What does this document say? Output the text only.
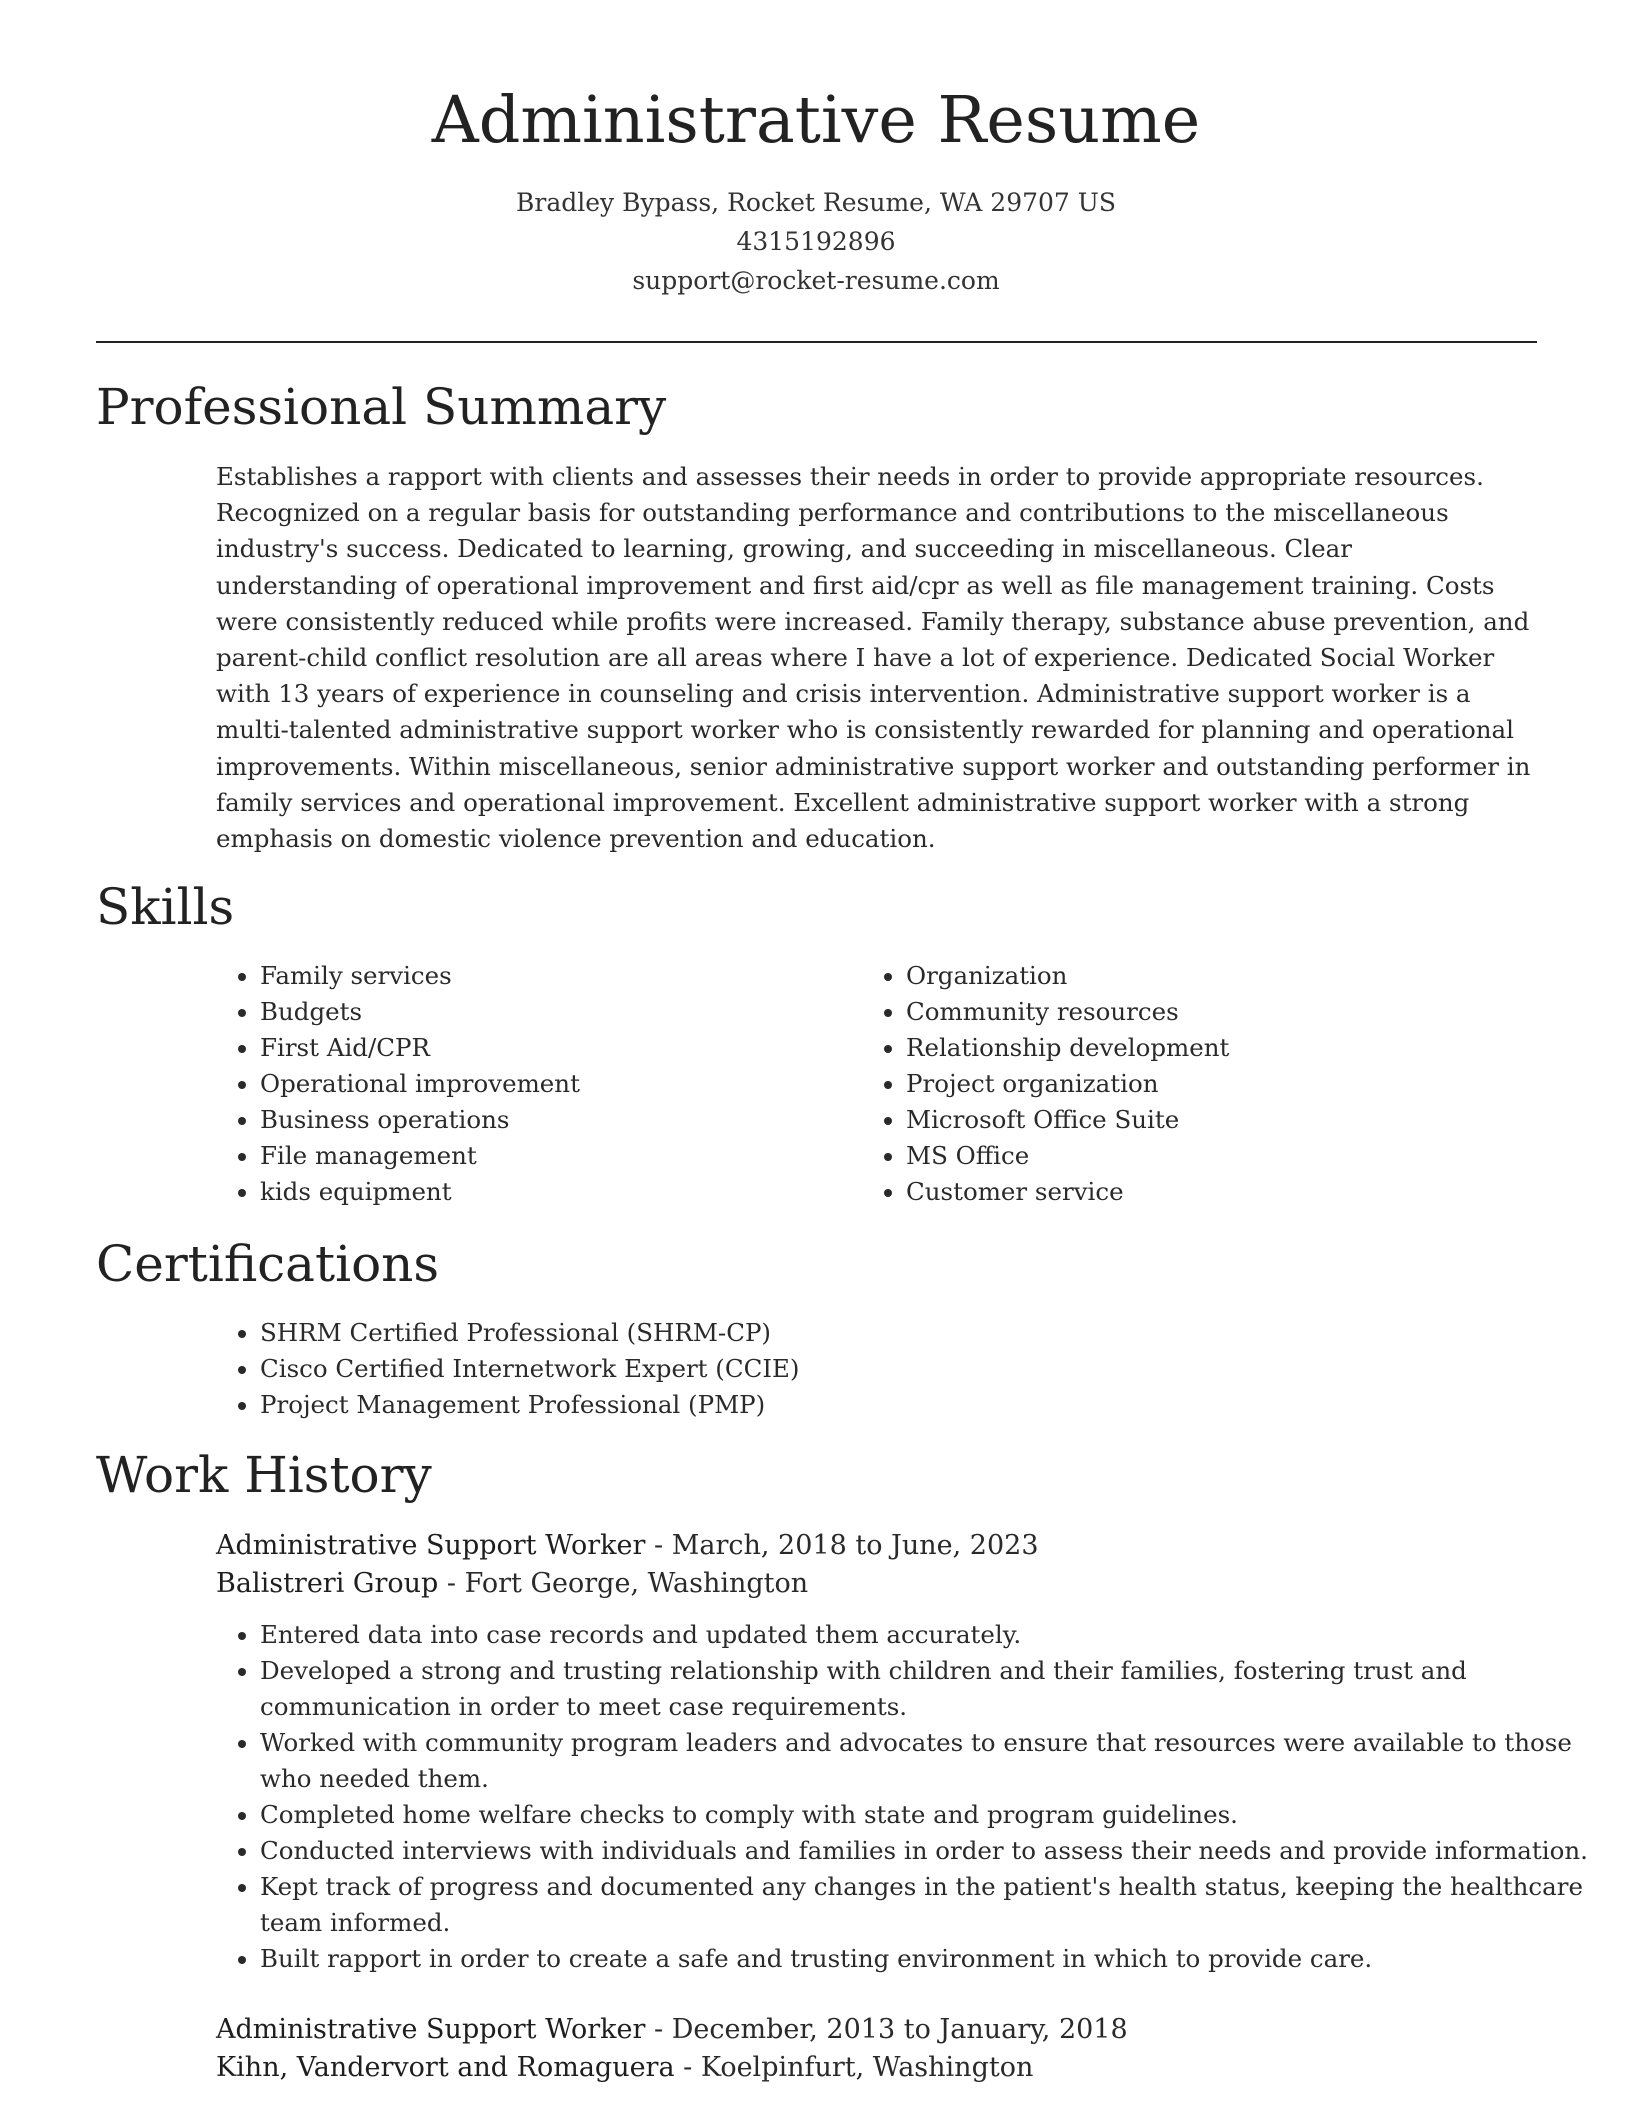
Administrative Resume
Bradley Bypass, Rocket Resume, WA 29707 US
4315192896
support@rocket-resume.com
Professional Summary

Establishes a rapport with clients and assesses their needs in order to provide appropriate resources. Recognized on a regular basis for outstanding performance and contributions to the miscellaneous industry's success. Dedicated to learning, growing, and succeeding in miscellaneous. Clear understanding of operational improvement and first aid/cpr as well as file management training. Costs were consistently reduced while profits were increased. Family therapy, substance abuse prevention, and parent-child conflict resolution are all areas where I have a lot of experience. Dedicated Social Worker with 13 years of experience in counseling and crisis intervention. Administrative support worker is a multi-talented administrative support worker who is consistently rewarded for planning and operational improvements. Within miscellaneous, senior administrative support worker and outstanding performer in family services and operational improvement. Excellent administrative support worker with a strong emphasis on domestic violence prevention and education.

Skills
• Family services
• Budgets
• First Aid/CPR
• Operational improvement
• Business operations
• File management
• kids equipment
• Organization
• Community resources
• Relationship development
• Project organization
• Microsoft Office Suite
• MS Office
• Customer service
Certifications
• SHRM Certified Professional (SHRM-CP)
• Cisco Certified Internetwork Expert (CCIE)
• Project Management Professional (PMP)
Work History
Administrative Support Worker - March, 2018 to June, 2023
Balistreri Group - Fort George, Washington
• Entered data into case records and updated them accurately.
• Developed a strong and trusting relationship with children and their families, fostering trust and communication in order to meet case requirements.
• Worked with community program leaders and advocates to ensure that resources were available to those who needed them.
• Completed home welfare checks to comply with state and program guidelines.
• Conducted interviews with individuals and families in order to assess their needs and provide information.
• Kept track of progress and documented any changes in the patient's health status, keeping the healthcare team informed.
• Built rapport in order to create a safe and trusting environment in which to provide care.
Administrative Support Worker - December, 2013 to January, 2018
Kihn, Vandervort and Romaguera - Koelpinfurt, Washington
